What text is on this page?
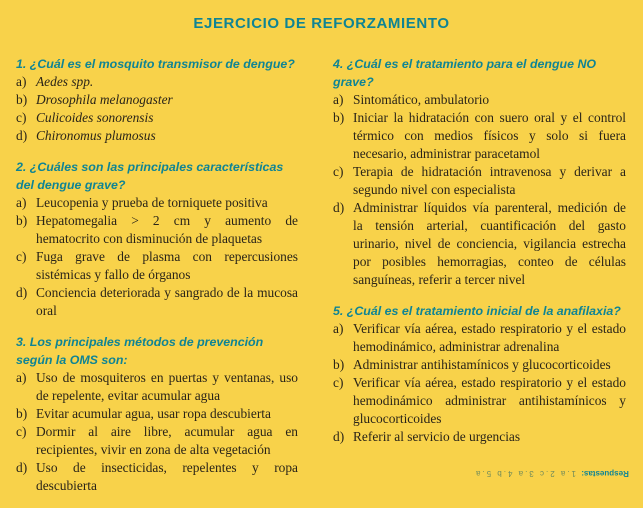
EJERCICIO DE REFORZAMIENTO
1. ¿Cuál es el mosquito transmisor de dengue?
a) Aedes spp.
b) Drosophila melanogaster
c) Culicoides sonorensis
d) Chironomus plumosus
2. ¿Cuáles son las principales características del dengue grave?
a) Leucopenia y prueba de torniquete positiva
b) Hepatomegalia > 2 cm y aumento de hematocrito con disminución de plaquetas
c) Fuga grave de plasma con repercusiones sistémicas y fallo de órganos
d) Conciencia deteriorada y sangrado de la mucosa oral
3. Los principales métodos de prevención según la OMS son:
a) Uso de mosquiteros en puertas y ventanas, uso de repelente, evitar acumular agua
b) Evitar acumular agua, usar ropa descubierta
c) Dormir al aire libre, acumular agua en recipientes, vivir en zona de alta vegetación
d) Uso de insecticidas, repelentes y ropa descubierta
4. ¿Cuál es el tratamiento para el dengue NO grave?
a) Sintomático, ambulatorio
b) Iniciar la hidratación con suero oral y el control térmico con medios físicos y solo si fuera necesario, administrar paracetamol
c) Terapia de hidratación intravenosa y derivar a segundo nivel con especialista
d) Administrar líquidos vía parenteral, medición de la tensión arterial, cuantificación del gasto urinario, nivel de conciencia, vigilancia estrecha por posibles hemorragias, conteo de células sanguíneas, referir a tercer nivel
5. ¿Cuál es el tratamiento inicial de la anafilaxia?
a) Verificar vía aérea, estado respiratorio y el estado hemodinámico, administrar adrenalina
b) Administrar antihistamínicos y glucocorticoides
c) Verificar vía aérea, estado respiratorio y el estado hemodinámico administrar antihistamínicos y glucocorticoides
d) Referir al servicio de urgencias
Respuestas: 1.a 2.c 3.a 4.b 5.a
